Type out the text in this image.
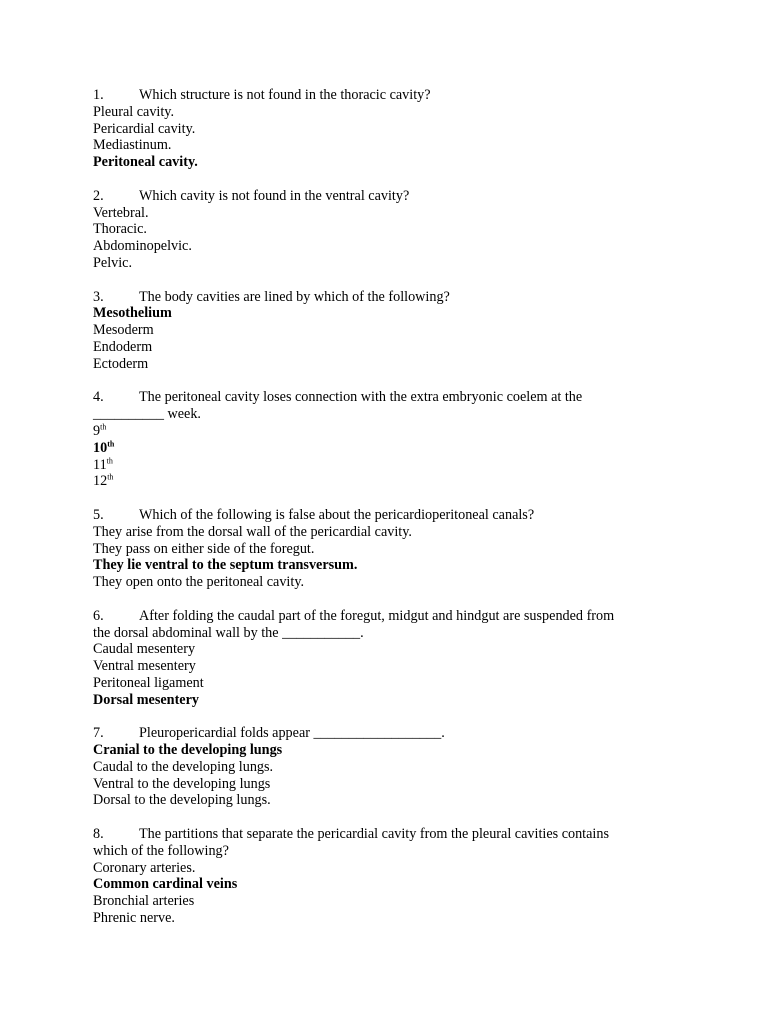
1.	Which structure is not found in the thoracic cavity?
Pleural cavity.
Pericardial cavity.
Mediastinum.
Peritoneal cavity.
2.	Which cavity is not found in the ventral cavity?
Vertebral.
Thoracic.
Abdominopelvic.
Pelvic.
3.	The body cavities are lined by which of the following?
Mesothelium
Mesoderm
Endoderm
Ectoderm
4.	The peritoneal cavity loses connection with the extra embryonic coelem at the
__________ week.
9th
10th
11th
12th
5.	Which of the following is false about the pericardioperitoneal canals?
They arise from the dorsal wall of the pericardial cavity.
They pass on either side of the foregut.
They lie ventral to the septum transversum.
They open onto the peritoneal cavity.
6.	After folding the caudal part of the foregut, midgut and hindgut are suspended from
the dorsal abdominal wall by the ___________.
Caudal mesentery
Ventral mesentery
Peritoneal ligament
Dorsal mesentery
7.	Pleuropericardial folds appear __________________.
Cranial to the developing lungs
Caudal to the developing lungs.
Ventral to the developing lungs
Dorsal to the developing lungs.
8.	The partitions that separate the pericardial cavity from the pleural cavities contains
which of the following?
Coronary arteries.
Common cardinal veins
Bronchial arteries
Phrenic nerve.
